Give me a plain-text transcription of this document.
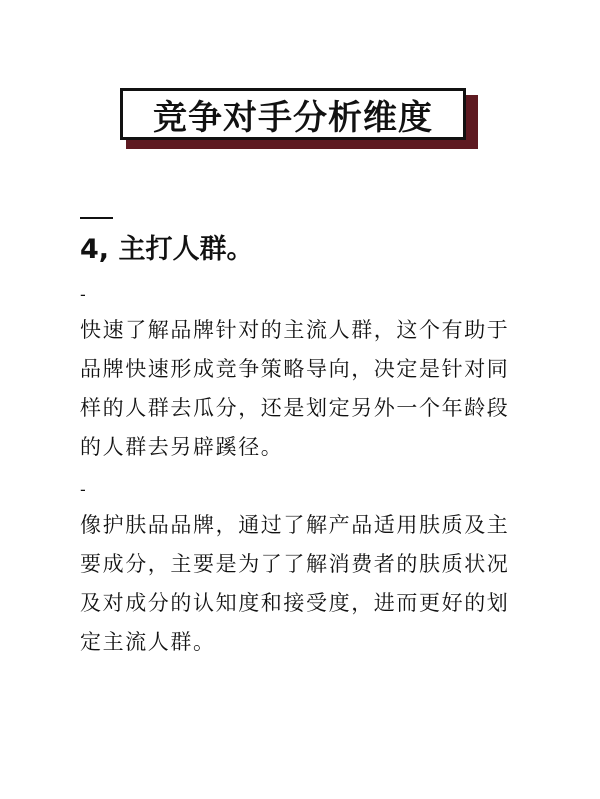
竞争对手分析维度
4, 主打人群。
-
快速了解品牌针对的主流人群，这个有助于品牌快速形成竞争策略导向，决定是针对同样的人群去瓜分，还是划定另外一个年龄段的人群去另辟蹊径。
-
像护肤品品牌，通过了解产品适用肤质及主要成分，主要是为了了解消费者的肤质状况及对成分的认知度和接受度，进而更好的划定主流人群。
